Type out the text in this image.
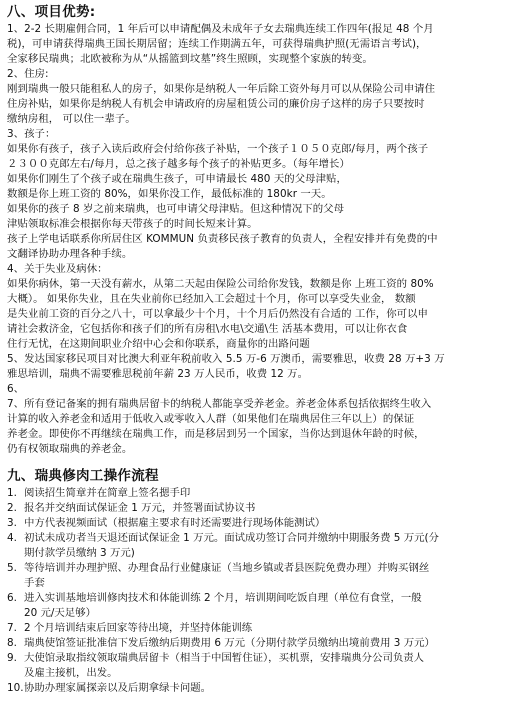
八、项目优势:

1、2-2 长期雇佣合同，1 年后可以申请配偶及未成年子女去瑞典连续工作四年(报足 48 个月
税)，可申请获得瑞典王国长期居留；连续工作期满五年，可获得瑞典护照(无需语言考试)，
全家移民瑞典；北欧被称为从“从摇篮到坟墓”终生照顾，实现整个家族的转变。

2、住房:
刚到瑞典一般只能租私人的房子，如果你是纳税人一年后除工资外每月可以从保险公司申请住
住房补贴，如果你是纳税人有机会申请政府的房屋租赁公司的廉价房子这样的房子只要按时
缴纳房租， 可以住一辈子。

3、孩子：
如果你有孩子，孩子入读后政府会付给你孩子补贴，一个孩子１０５０克郎/每月，两个孩子
２３００克郎左右/每月，总之孩子越多每个孩子的补贴更多。（每年增长）
如果你们刚生了个孩子或在瑞典生孩子，可申请最长 480 天的父母津贴，
数额是你上班工资的 80%，如果你没工作，最低标准的 180kr 一天。
如果你的孩子 8 岁之前来瑞典，也可申请父母津贴。但这种情况下的父母
津贴领取标准会根据你每天带孩子的时间长短来计算。
孩子上学电话联系你所居住区 KOMMUN 负责移民孩子教育的负责人，全程安排并有免费的中
文翻译协助办理各种手续。

4、关于失业及病休：
如果你病休，第一天没有薪水，从第二天起由保险公司给你发钱，数额是你 上班工资的 80%
大概）。 如果你失业，且在失业前你已经加入工会超过十个月，你可以享受失业金， 数额
是失业前工资的百分之八十，可以拿最少十个月，十个月后仍然没有合适的 工作，你可以申
请社会救济金，它包括你和孩子们的所有房租\水电\交通\生 活基本费用，可以让你衣食
住行无忧，在这期间职业介绍中心会和你联系，商量你的出路问题

5、发达国家移民项目对比澳大利亚年税前收入 5.5 万-6 万澳币，需要雅思，收费 28 万+3 万
雅思培训，瑞典不需要雅思税前年薪 23 万人民币，收费 12 万。

6、

7、所有登记备案的拥有瑞典居留卡的纳税人都能享受养老金。养老金体系包括依据终生收入
计算的收入养老金和适用于低收入或零收入人群（如果他们在瑞典居住三年以上）的保证
养老金。即使你不再继续在瑞典工作，而是移居到另一个国家，当你达到退休年龄的时候，
仍有权领取瑞典的养老金。

九、瑞典修肉工操作流程
1. 阅读招生简章并在简章上签名摁手印
2. 报名并交纳面试保证金 1 万元，并签署面试协议书
3. 中方代表视频面试（根据雇主要求有时还需要进行现场体能测试）
4. 初试未成功者当天退还面试保证金 1 万元。面试成功签订合同并缴纳中期服务费 5 万元(分
期付款学员缴纳 3 万元)
5. 等待培训并办理护照、办理食品行业健康证（当地乡镇或者县医院免费办理）并购买钢丝
手套
6. 进入实训基地培训修肉技术和体能训练 2 个月，培训期间吃饭自理（单位有食堂，一般
20 元/天足够）
7. 2 个月培训结束后回家等待出境，并坚持体能训练
8. 瑞典使馆签证批准信下发后缴纳后期费用 6 万元（分期付款学员缴纳出境前费用 3 万元）
9. 大使馆录取指纹领取瑞典居留卡（相当于中国暂住证），买机票，安排瑞典分公司负责人
及雇主接机，出发。
10. 协助办理家属探亲以及后期拿绿卡问题。
